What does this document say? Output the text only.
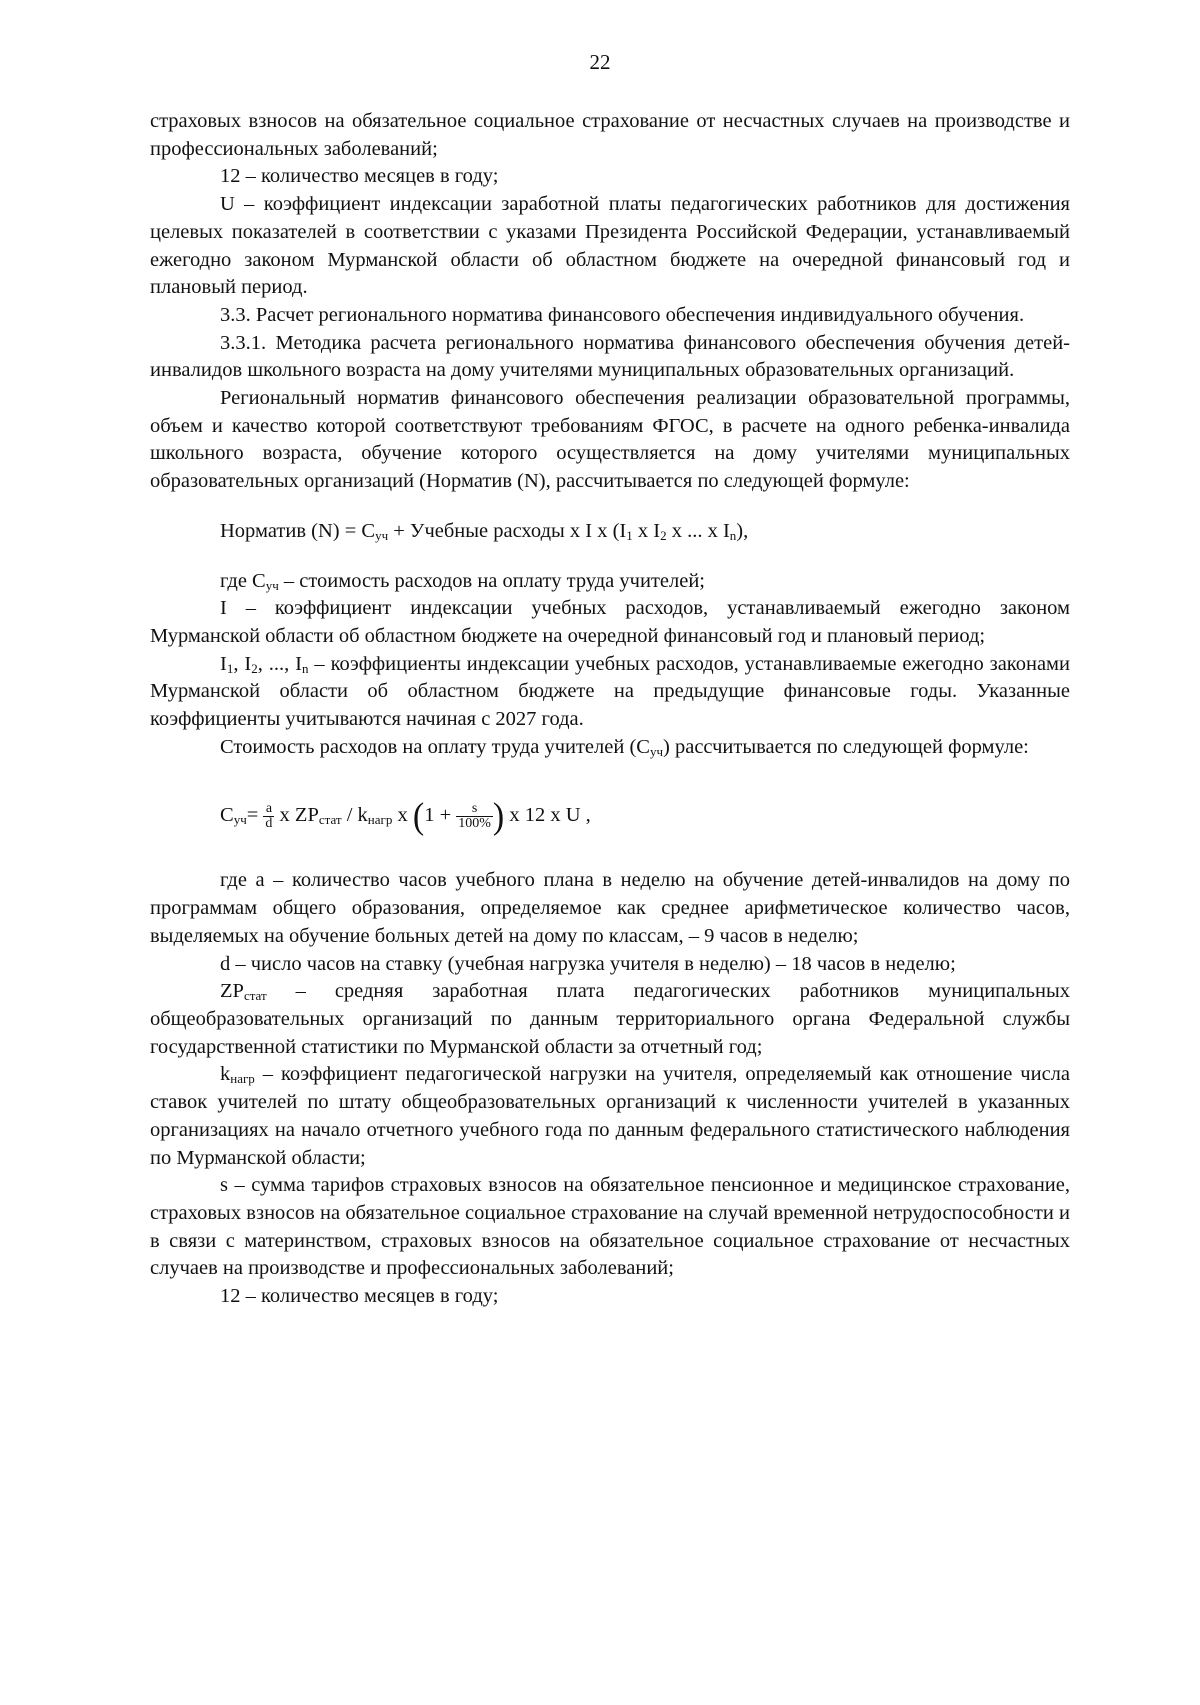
22

страховых взносов на обязательное социальное страхование от несчастных случаев на производстве и профессиональных заболеваний;

12 – количество месяцев в году;

U – коэффициент индексации заработной платы педагогических работников для достижения целевых показателей в соответствии с указами Президента Российской Федерации, устанавливаемый ежегодно законом Мурманской области об областном бюджете на очередной финансовый год и плановый период.

3.3. Расчет регионального норматива финансового обеспечения индивидуального обучения.

3.3.1. Методика расчета регионального норматива финансового обеспечения обучения детей-инвалидов школьного возраста на дому учителями муниципальных образовательных организаций.

Региональный норматив финансового обеспечения реализации образовательной программы, объем и качество которой соответствуют требованиям ФГОС, в расчете на одного ребенка-инвалида школьного возраста, обучение которого осуществляется на дому учителями муниципальных образовательных организаций (Норматив (N), рассчитывается по следующей формуле:

Норматив $(N) = С_{уч}$ + Учебные расходы x I x ($I_1$ x $I_2$ x ... x $I_n$),

где $С_{уч}$ – стоимость расходов на оплату труда учителей;

I – коэффициент индексации учебных расходов, устанавливаемый ежегодно законом Мурманской области об областном бюджете на очередной финансовый год и плановый период;

$I_1$, $I_2$, ..., $I_n$ – коэффициенты индексации учебных расходов, устанавливаемые ежегодно законами Мурманской области об областном бюджете на предыдущие финансовые годы. Указанные коэффициенты учитываются начиная с 2027 года.

Стоимость расходов на оплату труда учителей $(С_{уч})$ рассчитывается по следующей формуле:

$С_{уч}= \frac{a}{d}$ x $ZP_{стат} / k_{нагр}$ x ($1 + \frac{s}{100\%}$ ) x 12 x U ,

где a – количество часов учебного плана в неделю на обучение детей-инвалидов на дому по программам общего образования, определяемое как среднее арифметическое количество часов, выделяемых на обучение больных детей на дому по классам, – 9 часов в неделю;

d – число часов на ставку (учебная нагрузка учителя в неделю) – 18 часов в неделю;

$ZP_{стат}$ – средняя заработная плата педагогических работников муниципальных общеобразовательных организаций по данным территориального органа Федеральной службы государственной статистики по Мурманской области за отчетный год;

$k_{нагр}$ – коэффициент педагогической нагрузки на учителя, определяемый как отношение числа ставок учителей по штату общеобразовательных организаций к численности учителей в указанных организациях на начало отчетного учебного года по данным федерального статистического наблюдения по Мурманской области;

s – сумма тарифов страховых взносов на обязательное пенсионное и медицинское страхование, страховых взносов на обязательное социальное страхование на случай временной нетрудоспособности и в связи с материнством, страховых взносов на обязательное социальное страхование от несчастных случаев на производстве и профессиональных заболеваний;

12 – количество месяцев в году;
